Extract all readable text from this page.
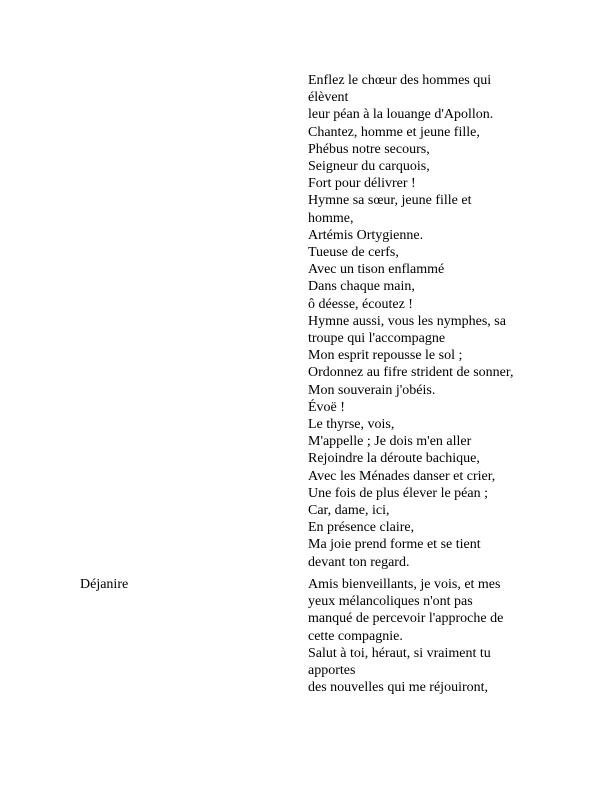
Enflez le chœur des hommes qui
élèvent
leur péan à la louange d'Apollon.
Chantez, homme et jeune fille,
Phébus notre secours,
Seigneur du carquois,
Fort pour délivrer !
Hymne sa sœur, jeune fille et
homme,
Artémis Ortygienne.
Tueuse de cerfs,
Avec un tison enflammé
Dans chaque main,
ô déesse, écoutez !
Hymne aussi, vous les nymphes, sa
troupe qui l'accompagne
Mon esprit repousse le sol ;
Ordonnez au fifre strident de sonner,
Mon souverain j'obéis.
Évoë !
Le thyrse, vois,
M'appelle ; Je dois m'en aller
Rejoindre la déroute bachique,
Avec les Ménades danser et crier,
Une fois de plus élever le péan ;
Car, dame, ici,
En présence claire,
Ma joie prend forme et se tient
devant ton regard.
Déjanire	Amis bienveillants, je vois, et mes
yeux mélancoliques n'ont pas
manqué de percevoir l'approche de
cette compagnie.
Salut à toi, héraut, si vraiment tu
apportes
des nouvelles qui me réjouiront,
